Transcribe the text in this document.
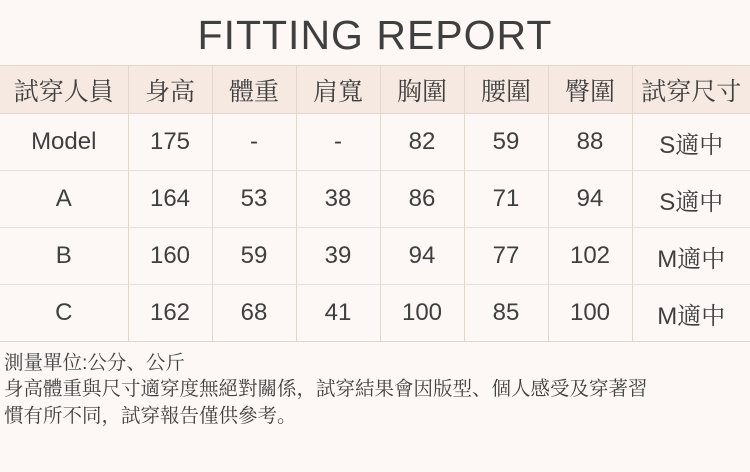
FITTING REPORT
試穿人員	身高	體重	肩寬	胸圍	腰圍	臀圍	試穿尺寸
Model	175	-	-	82	59	88	S適中
A	164	53	38	86	71	94	S適中
B	160	59	39	94	77	102	M適中
C	162	68	41	100	85	100	M適中
測量單位:公分、公斤
身高體重與尺寸適穿度無絕對關係，試穿結果會因版型、個人感受及穿著習
慣有所不同，試穿報告僅供參考。
